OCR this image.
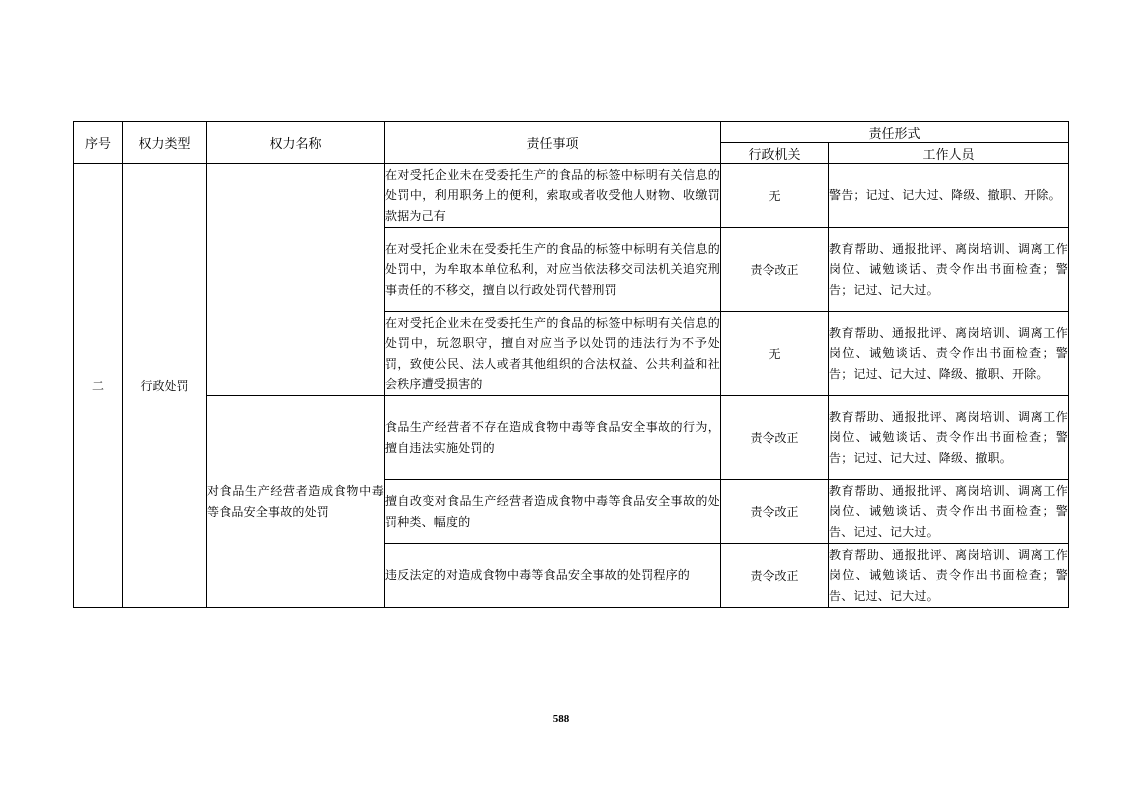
序号	权力类型	权力名称	责任事项	责任形式	
				行政机关	工作人员
二	行政处罚		在对受托企业未在受委托生产的食品的标签中标明有关信息的处罚中，利用职务上的便利，索取或者收受他人财物、收缴罚款据为己有	无	警告；记过、记大过、降级、撤职、开除。
			在对受托企业未在受委托生产的食品的标签中标明有关信息的处罚中，为牟取本单位私利，对应当依法移交司法机关追究刑事责任的不移交，擅自以行政处罚代替刑罚	责令改正	教育帮助、通报批评、离岗培训、调离工作岗位、诫勉谈话、责令作出书面检查；警告；记过、记大过。
			在对受托企业未在受委托生产的食品的标签中标明有关信息的处罚中，玩忽职守，擅自对应当予以处罚的违法行为不予处罚，致使公民、法人或者其他组织的合法权益、公共利益和社会秩序遭受损害的	无	教育帮助、通报批评、离岗培训、调离工作岗位、诫勉谈话、责令作出书面检查；警告；记过、记大过、降级、撤职、开除。
		对食品生产经营者造成食物中毒等食品安全事故的处罚	食品生产经营者不存在造成食物中毒等食品安全事故的行为，擅自违法实施处罚的	责令改正	教育帮助、通报批评、离岗培训、调离工作岗位、诫勉谈话、责令作出书面检查；警告；记过、记大过、降级、撤职。
			擅自改变对食品生产经营者造成食物中毒等食品安全事故的处罚种类、幅度的	责令改正	教育帮助、通报批评、离岗培训、调离工作岗位、诫勉谈话、责令作出书面检查；警告、记过、记大过。
			违反法定的对造成食物中毒等食品安全事故的处罚程序的	责令改正	教育帮助、通报批评、离岗培训、调离工作岗位、诫勉谈话、责令作出书面检查；警告、记过、记大过。
588
